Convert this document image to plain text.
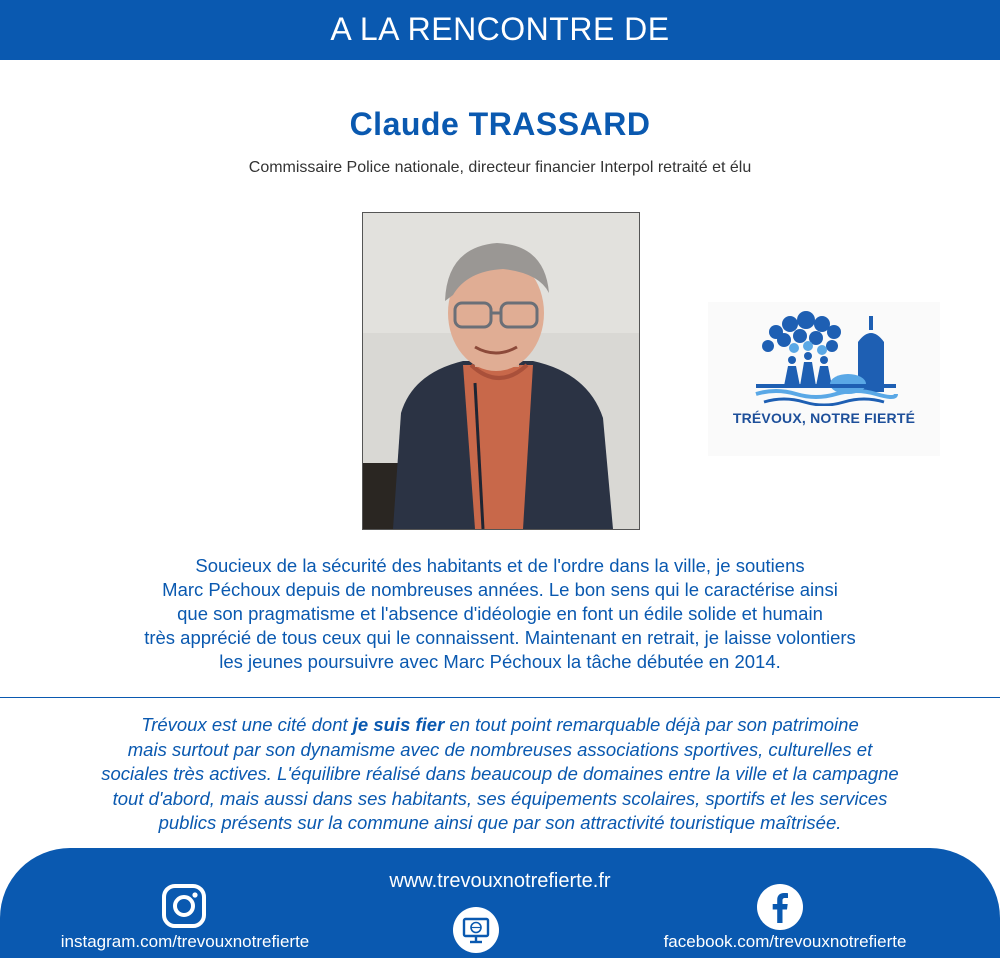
A LA RENCONTRE DE
Claude TRASSARD
Commissaire Police nationale, directeur financier Interpol retraité et élu
TRÉVOUX, NOTRE FIERTÉ

Soucieux de la sécurité des habitants et de l'ordre dans la ville, je soutiens

Marc Péchoux depuis de nombreuses années. Le bon sens qui le caractérise ainsi

que son pragmatisme et l'absence d'idéologie en font un édile solide et humain

très apprécié de tous ceux qui le connaissent. Maintenant en retrait, je laisse volontiers

les jeunes poursuivre avec Marc Péchoux la tâche débutée en 2014.

Trévoux est une cité dont je suis fier en tout point remarquable déjà par son patrimoine

mais surtout par son dynamisme avec de nombreuses associations sportives, culturelles et

sociales très actives. L'équilibre réalisé dans beaucoup de domaines entre la ville et la campagne

tout d'abord, mais aussi dans ses habitants, ses équipements scolaires, sportifs et les services

publics présents sur la commune ainsi que par son attractivité touristique maîtrisée.

www.trevouxnotrefierte.fr
instagram.com/trevouxnotrefierte	facebook.com/trevouxnotrefierte
